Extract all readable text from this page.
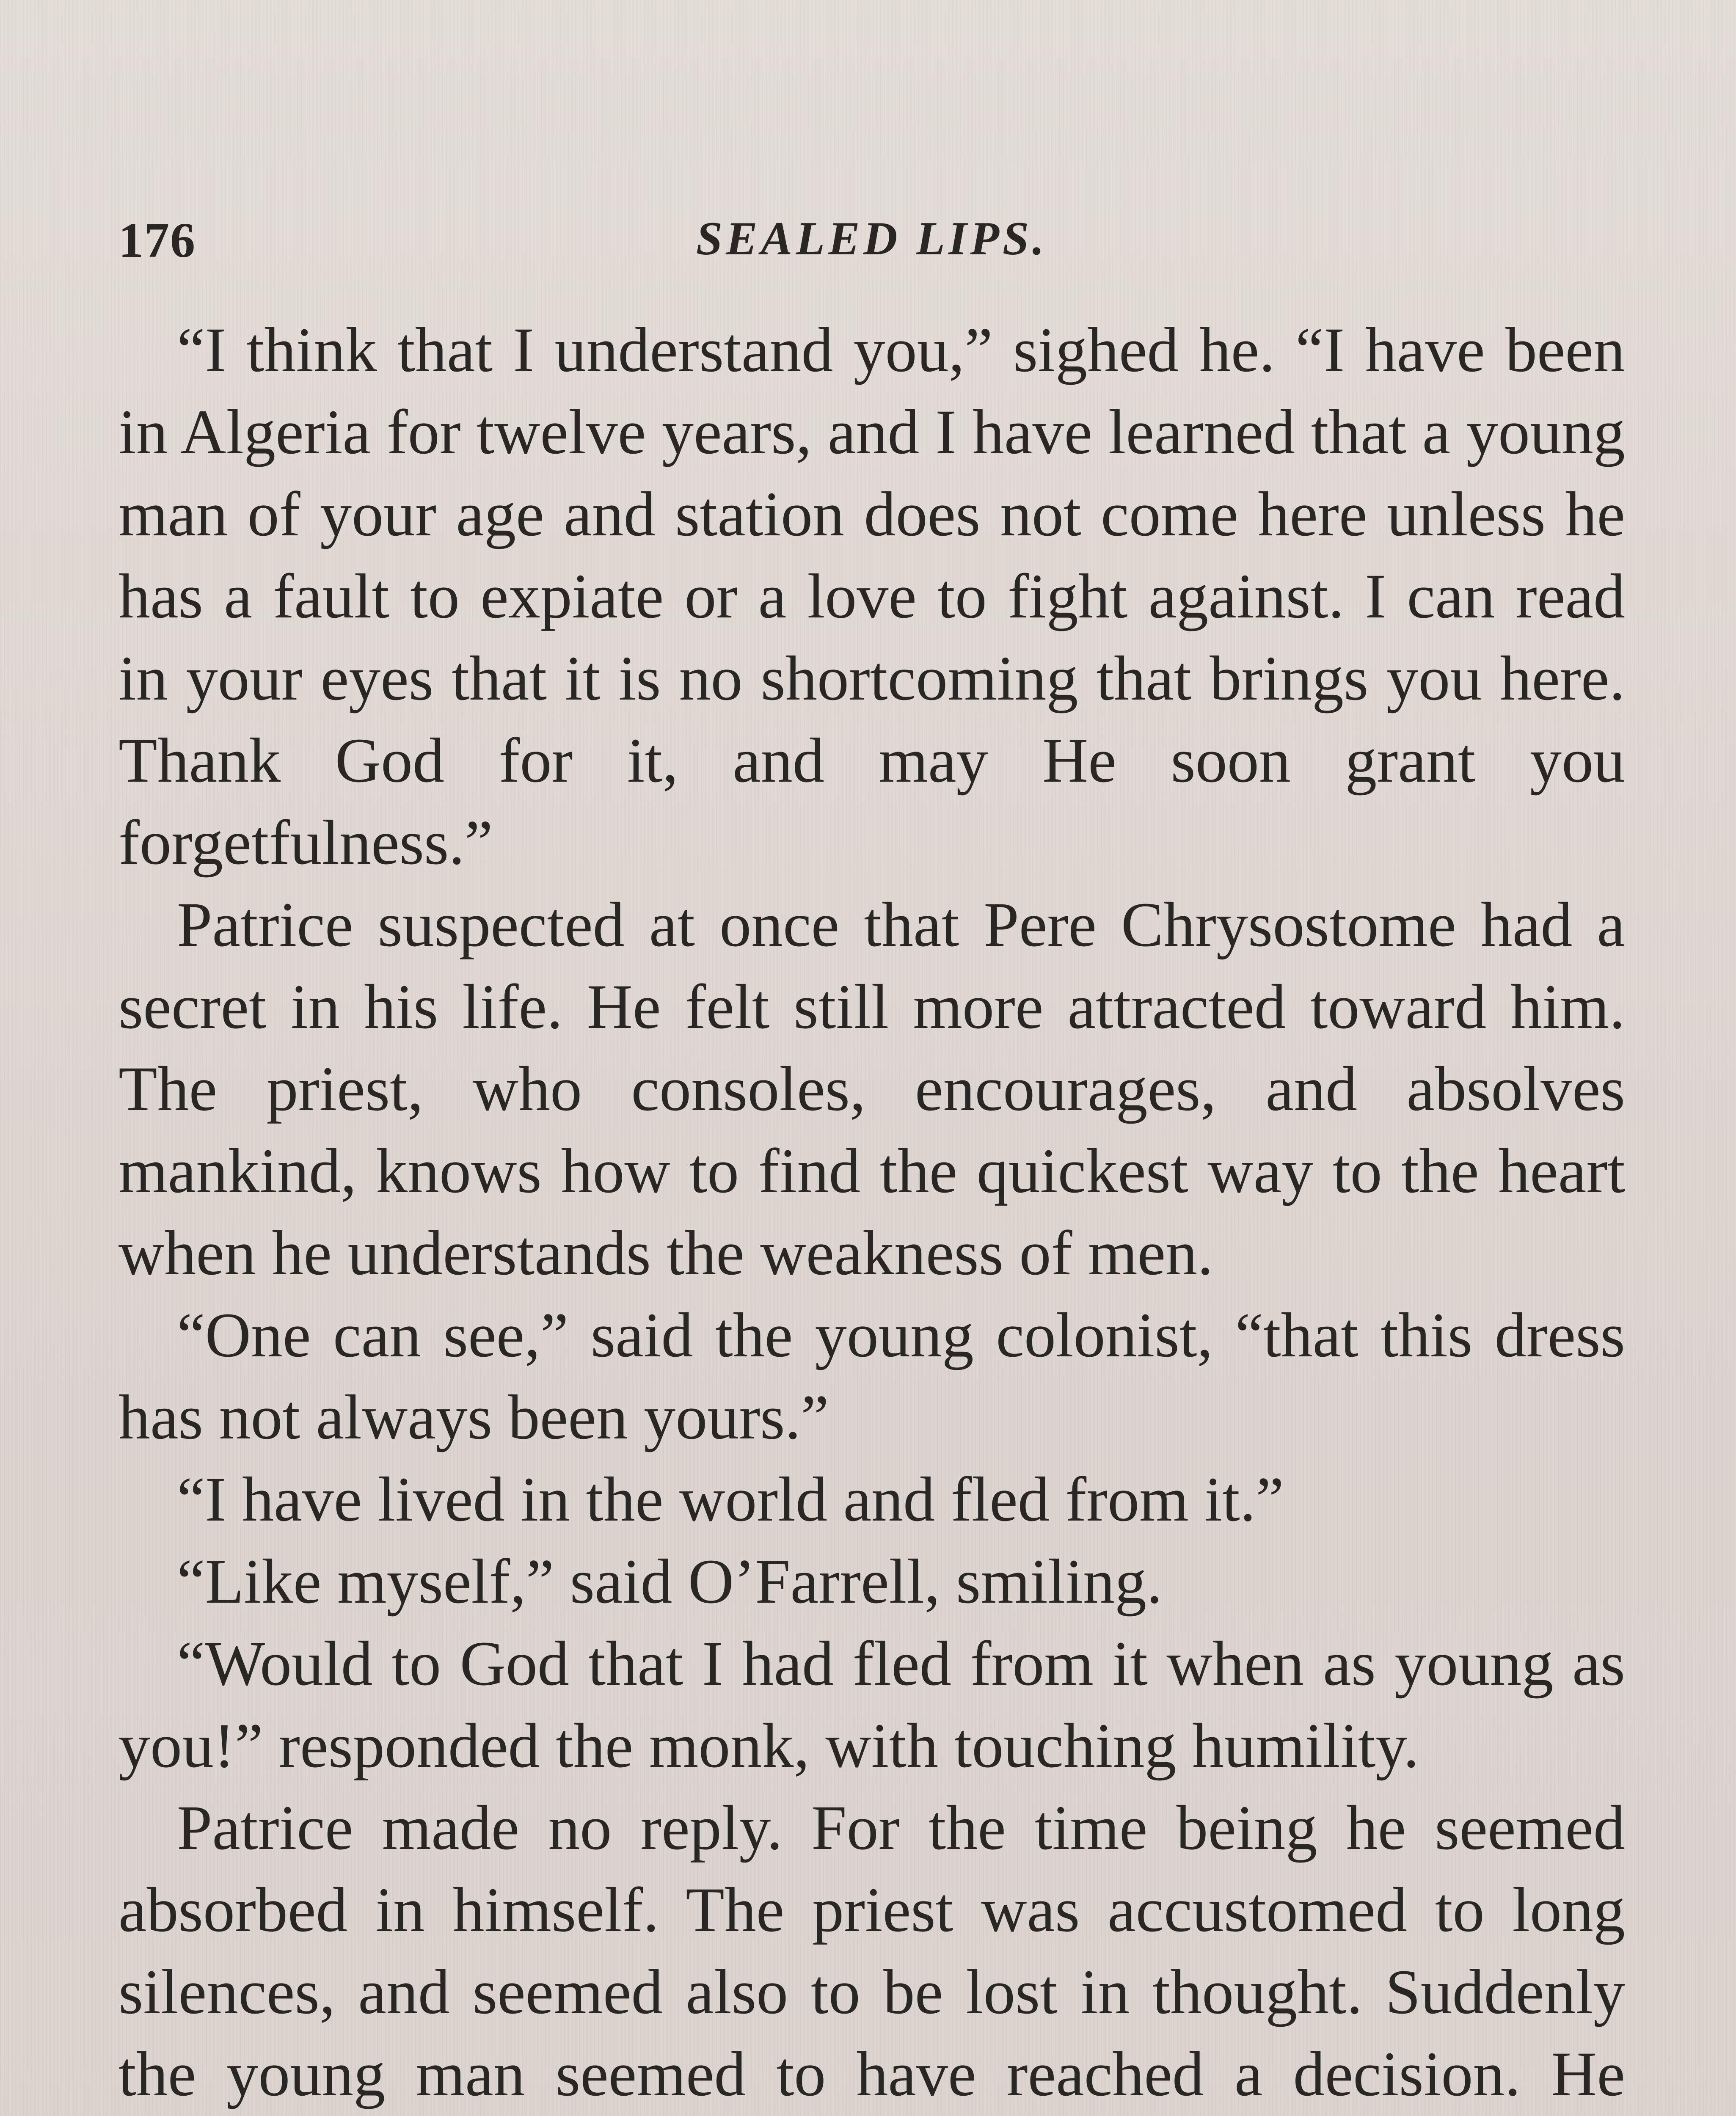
176	SEALED LIPS.

“I think that I understand you,” sighed he. “I have been in Algeria for twelve years, and I have learned that a young man of your age and station does not come here unless he has a fault to expiate or a love to fight against. I can read in your eyes that it is no shortcoming that brings you here. Thank God for it, and may He soon grant you forgetfulness.”

Patrice suspected at once that Pere Chrysostome had a secret in his life. He felt still more attracted toward him. The priest, who consoles, encourages, and absolves mankind, knows how to find the quickest way to the heart when he understands the weakness of men.

“One can see,” said the young colonist, “that this dress has not always been yours.”

“I have lived in the world and fled from it.”

“Like myself,” said O’Farrell, smiling.

“Would to God that I had fled from it when as young as you!” responded the monk, with touching humility.

Patrice made no reply. For the time being he seemed absorbed in himself. The priest was accustomed to long silences, and seemed also to be lost in thought. Suddenly the young man seemed to have reached a decision. He
